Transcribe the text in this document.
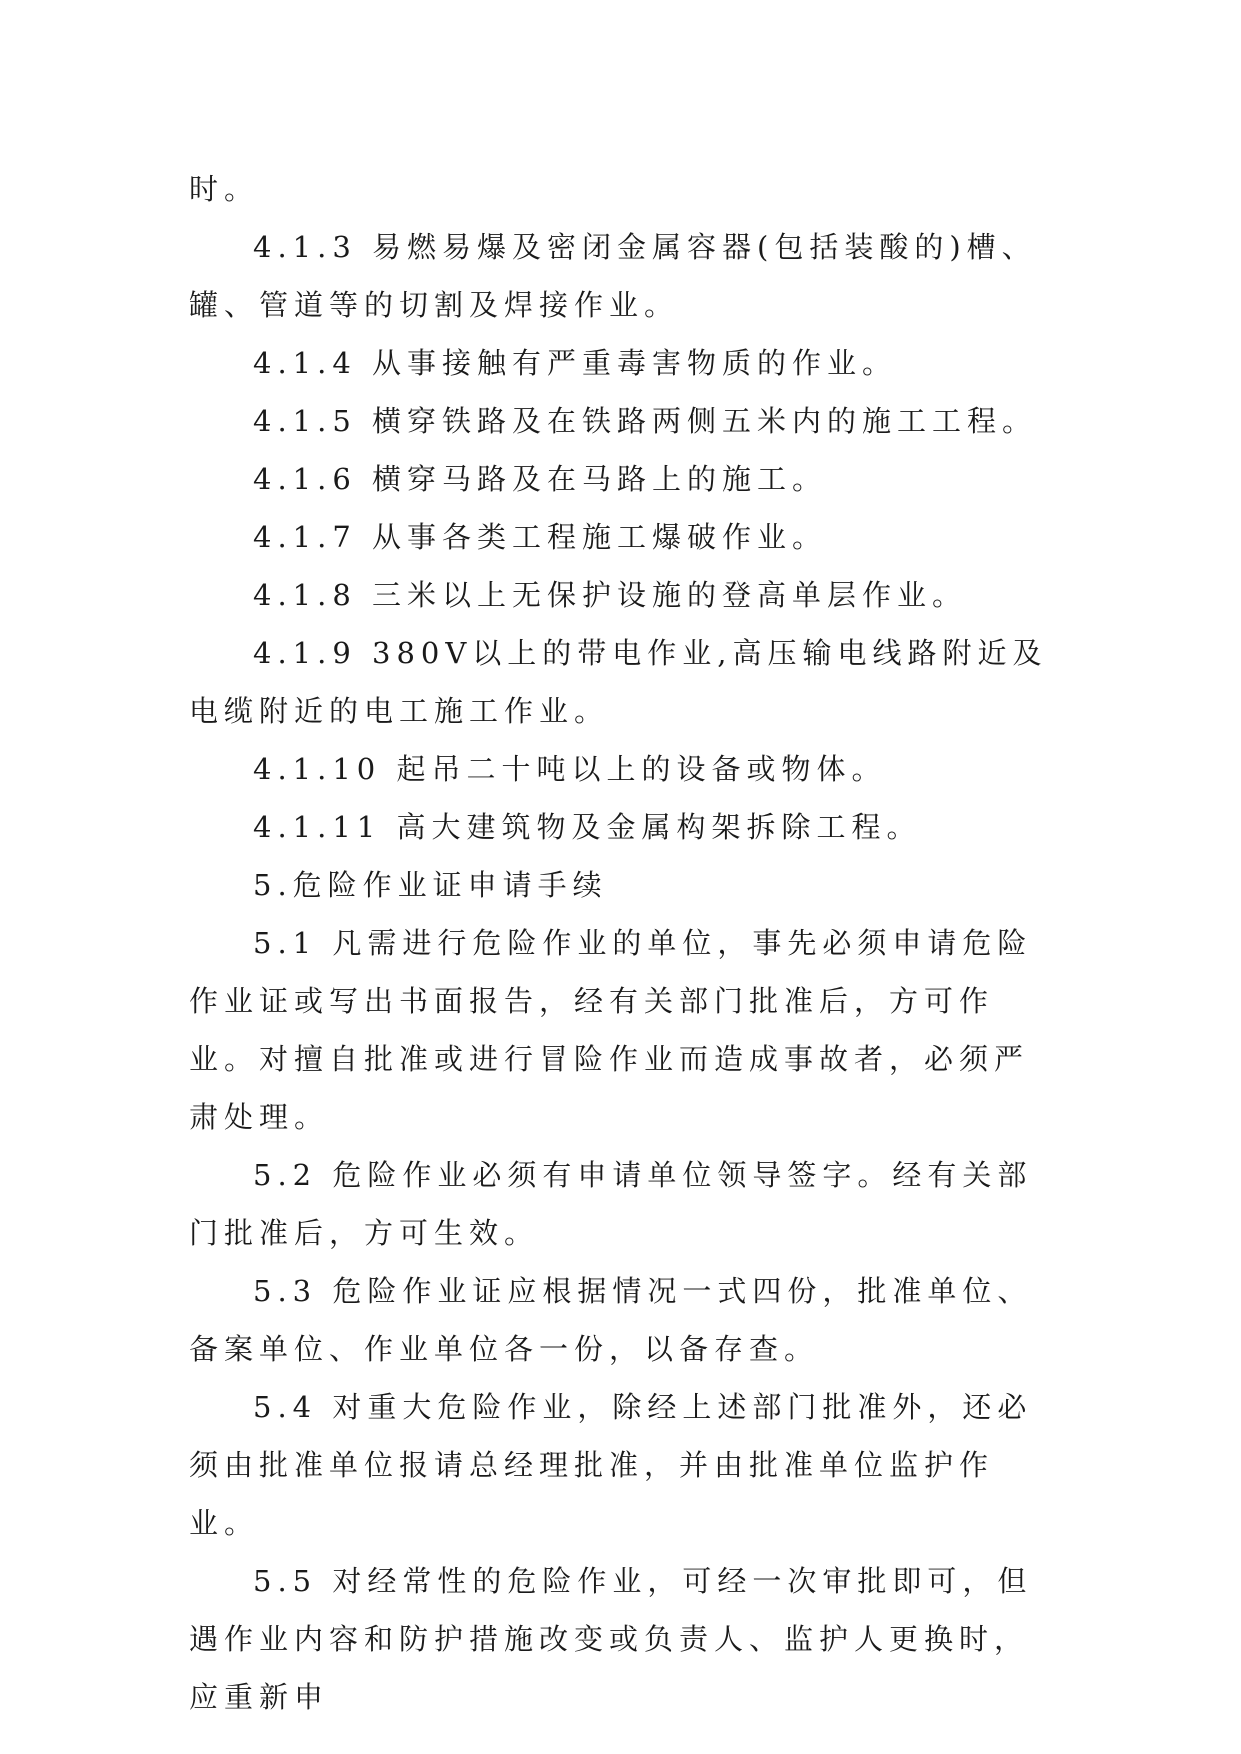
时。

4.1.3 易燃易爆及密闭金属容器(包括装酸的)槽、罐、管道等的切割及焊接作业。

4.1.4 从事接触有严重毒害物质的作业。

4.1.5 横穿铁路及在铁路两侧五米内的施工工程。

4.1.6 横穿马路及在马路上的施工。

4.1.7 从事各类工程施工爆破作业。

4.1.8 三米以上无保护设施的登高单层作业。

4.1.9 380V以上的带电作业,高压输电线路附近及电缆附近的电工施工作业。

4.1.10 起吊二十吨以上的设备或物体。

4.1.11 高大建筑物及金属构架拆除工程。

5.危险作业证申请手续

5.1 凡需进行危险作业的单位，事先必须申请危险作业证或写出书面报告，经有关部门批准后，方可作业。对擅自批准或进行冒险作业而造成事故者，必须严肃处理。

5.2 危险作业必须有申请单位领导签字。经有关部门批准后，方可生效。

5.3 危险作业证应根据情况一式四份，批准单位、备案单位、作业单位各一份，以备存查。

5.4 对重大危险作业，除经上述部门批准外，还必须由批准单位报请总经理批准，并由批准单位监护作业。

5.5 对经常性的危险作业，可经一次审批即可，但遇作业内容和防护措施改变或负责人、监护人更换时，应重新申
